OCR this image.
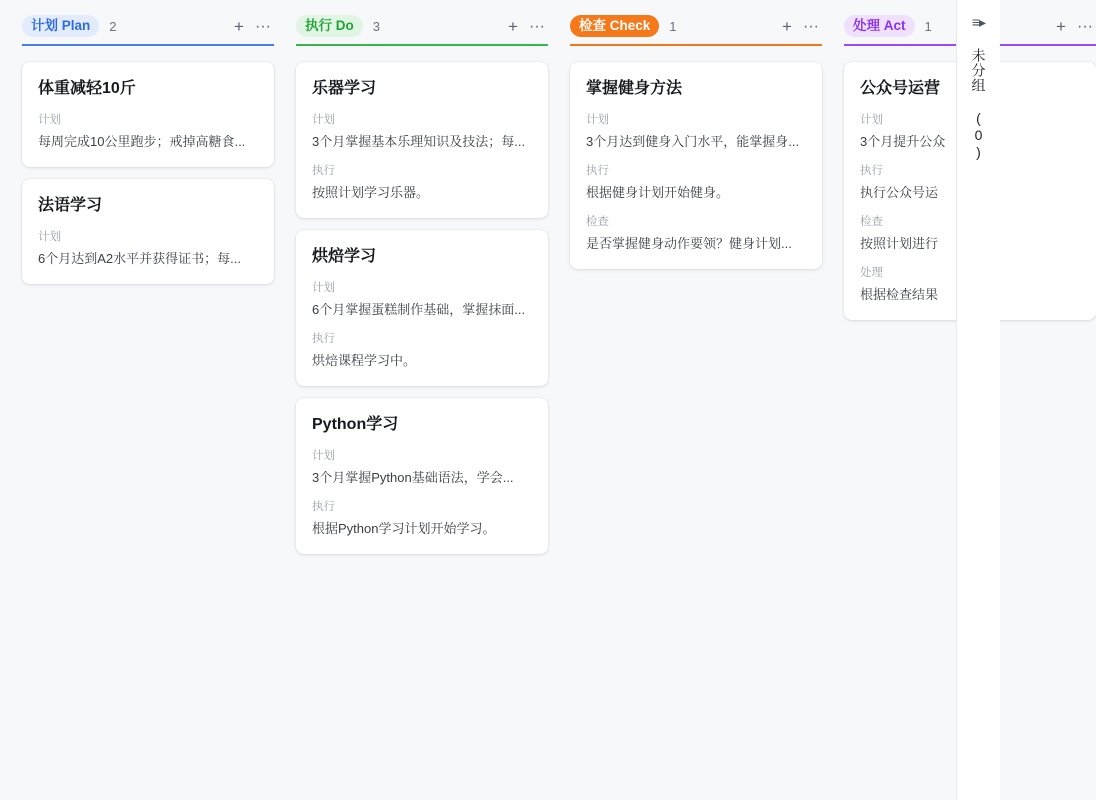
计划 Plan	2	+ ···
体重减轻10斤
计划
每周完成10公里跑步；戒掉高糖食...
法语学习
计划
6个月达到A2水平并获得证书；每...
执行 Do	3	+ ···
乐器学习
计划
3个月掌握基本乐理知识及技法；每...
执行
按照计划学习乐器。
烘焙学习
计划
6个月掌握蛋糕制作基础，掌握抹面...
执行
烘焙课程学习中。
Python学习
计划
3个月掌握Python基础语法，学会...
执行
根据Python学习计划开始学习。
检查 Check	1	+ ···
掌握健身方法
计划
3个月达到健身入门水平，能掌握身...
执行
根据健身计划开始健身。
检查
是否掌握健身动作要领？健身计划...
处理 Act	1	+ ···
公众号运营
计划
3个月提升公众
执行
执行公众号运
检查
按照计划进行
处理
根据检查结果
≡▸
未分组 (0)
